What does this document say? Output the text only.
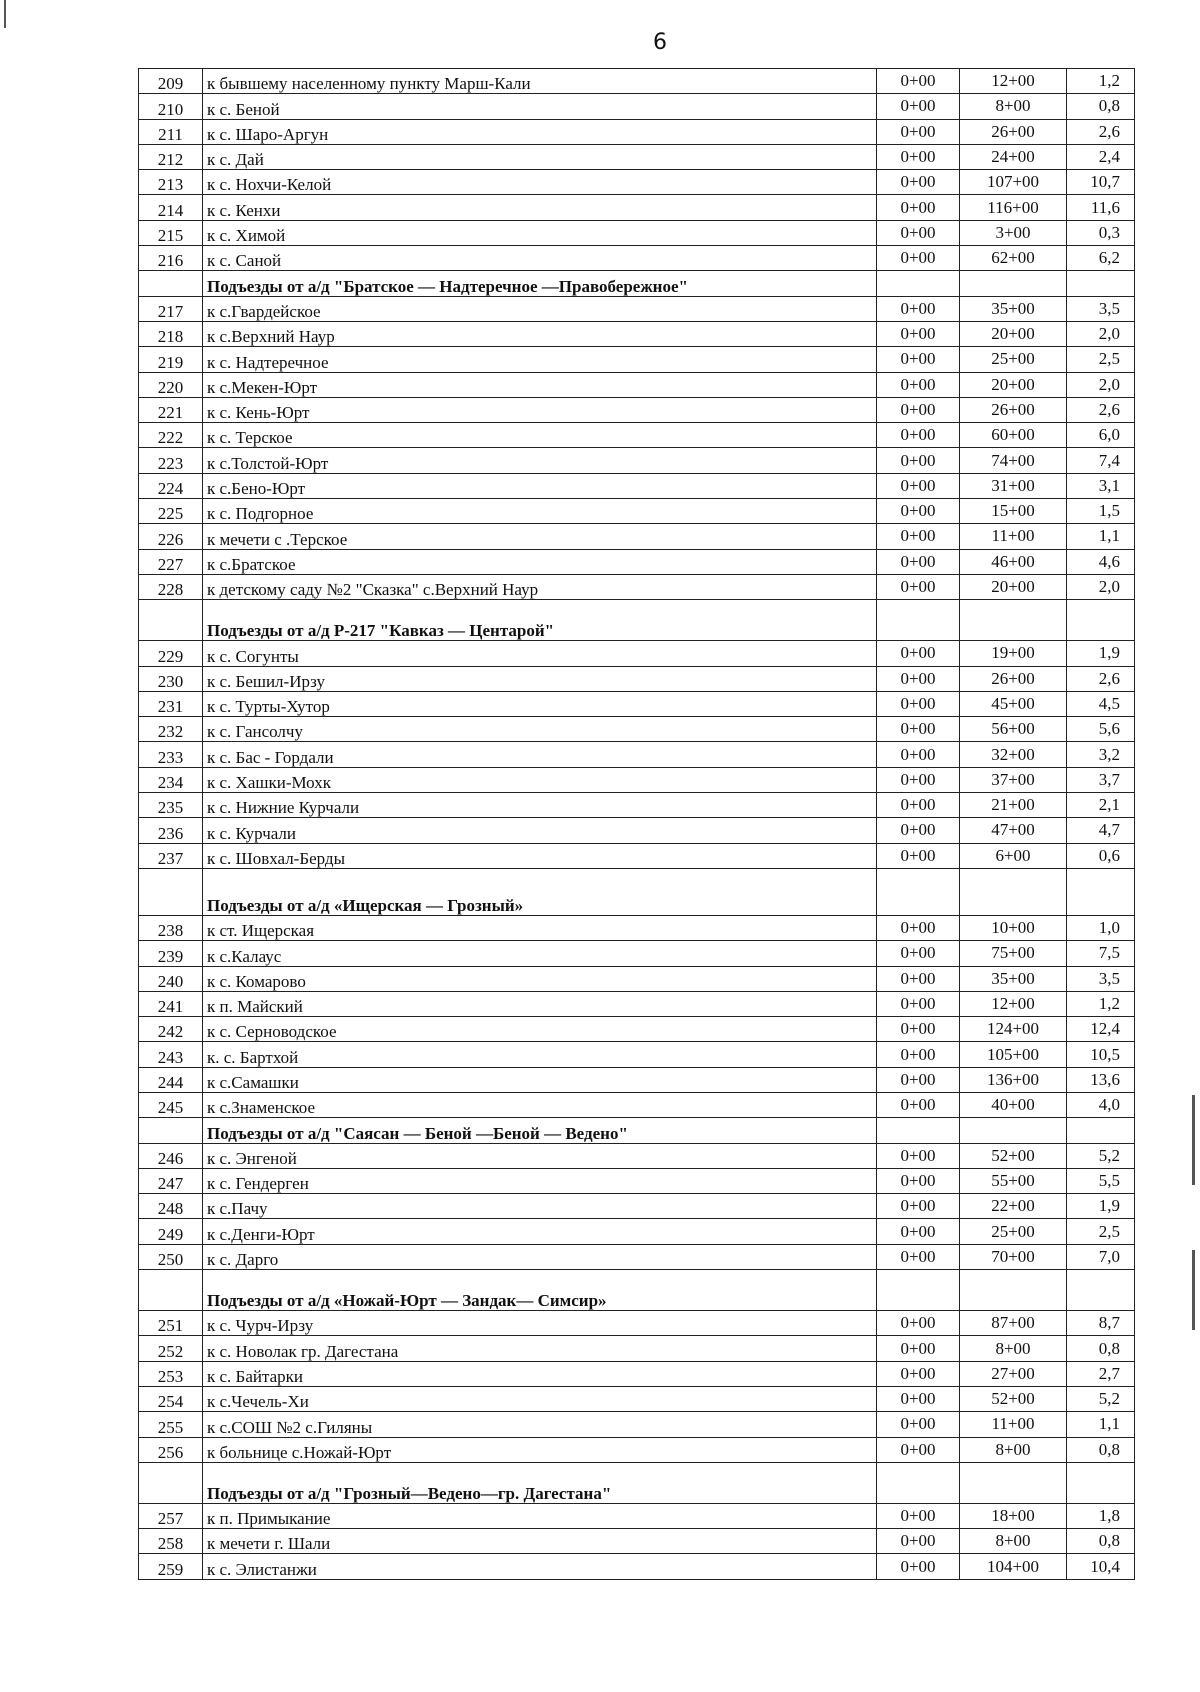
6
209	к бывшему населенному пункту Марш-Кали	0+00	12+00	1,2
210	к с. Беной	0+00	8+00	0,8
211	к с. Шаро-Аргун	0+00	26+00	2,6
212	к с. Дай	0+00	24+00	2,4
213	к с. Нохчи-Келой	0+00	107+00	10,7
214	к с. Кенхи	0+00	116+00	11,6
215	к с. Химой	0+00	3+00	0,3
216	к с. Саной	0+00	62+00	6,2
	Подъезды от а/д "Братское — Надтеречное —Правобережное"			
217	к с.Гвардейское	0+00	35+00	3,5
218	к с.Верхний Наур	0+00	20+00	2,0
219	к с. Надтеречное	0+00	25+00	2,5
220	к с.Мекен-Юрт	0+00	20+00	2,0
221	к с. Кень-Юрт	0+00	26+00	2,6
222	к с. Терское	0+00	60+00	6,0
223	к с.Толстой-Юрт	0+00	74+00	7,4
224	к с.Бено-Юрт	0+00	31+00	3,1
225	к с. Подгорное	0+00	15+00	1,5
226	к мечети с .Терское	0+00	11+00	1,1
227	к с.Братское	0+00	46+00	4,6
228	к детскому саду №2 "Сказка" с.Верхний Наур	0+00	20+00	2,0
	Подъезды от а/д Р-217 "Кавказ — Центарой"			
229	к с. Согунты	0+00	19+00	1,9
230	к с. Бешил-Ирзу	0+00	26+00	2,6
231	к с. Турты-Хутор	0+00	45+00	4,5
232	к с. Гансолчу	0+00	56+00	5,6
233	к с. Бас - Гордали	0+00	32+00	3,2
234	к с. Хашки-Мохк	0+00	37+00	3,7
235	к с. Нижние Курчали	0+00	21+00	2,1
236	к с. Курчали	0+00	47+00	4,7
237	к с. Шовхал-Берды	0+00	6+00	0,6
	Подъезды от а/д «Ищерская — Грозный»			
238	к ст. Ищерская	0+00	10+00	1,0
239	к с.Калаус	0+00	75+00	7,5
240	к с. Комарово	0+00	35+00	3,5
241	к п. Майский	0+00	12+00	1,2
242	к с. Серноводское	0+00	124+00	12,4
243	к. с. Бартхой	0+00	105+00	10,5
244	к с.Самашки	0+00	136+00	13,6
245	к с.Знаменское	0+00	40+00	4,0
	Подъезды от а/д "Саясан — Беной —Беной — Ведено"			
246	к с. Энгеной	0+00	52+00	5,2
247	к с. Гендерген	0+00	55+00	5,5
248	к с.Пачу	0+00	22+00	1,9
249	к с.Денги-Юрт	0+00	25+00	2,5
250	к с. Дарго	0+00	70+00	7,0
	Подъезды от а/д «Ножай-Юрт — Зандак— Симсир»			
251	к с. Чурч-Ирзу	0+00	87+00	8,7
252	к с. Новолак гр. Дагестана	0+00	8+00	0,8
253	к с. Байтарки	0+00	27+00	2,7
254	к с.Чечель-Хи	0+00	52+00	5,2
255	к с.СОШ №2 с.Гиляны	0+00	11+00	1,1
256	к больнице с.Ножай-Юрт	0+00	8+00	0,8
	Подъезды от а/д "Грозный—Ведено—гр. Дагестана"			
257	к п. Примыкание	0+00	18+00	1,8
258	к мечети г. Шали	0+00	8+00	0,8
259	к с. Элистанжи	0+00	104+00	10,4
